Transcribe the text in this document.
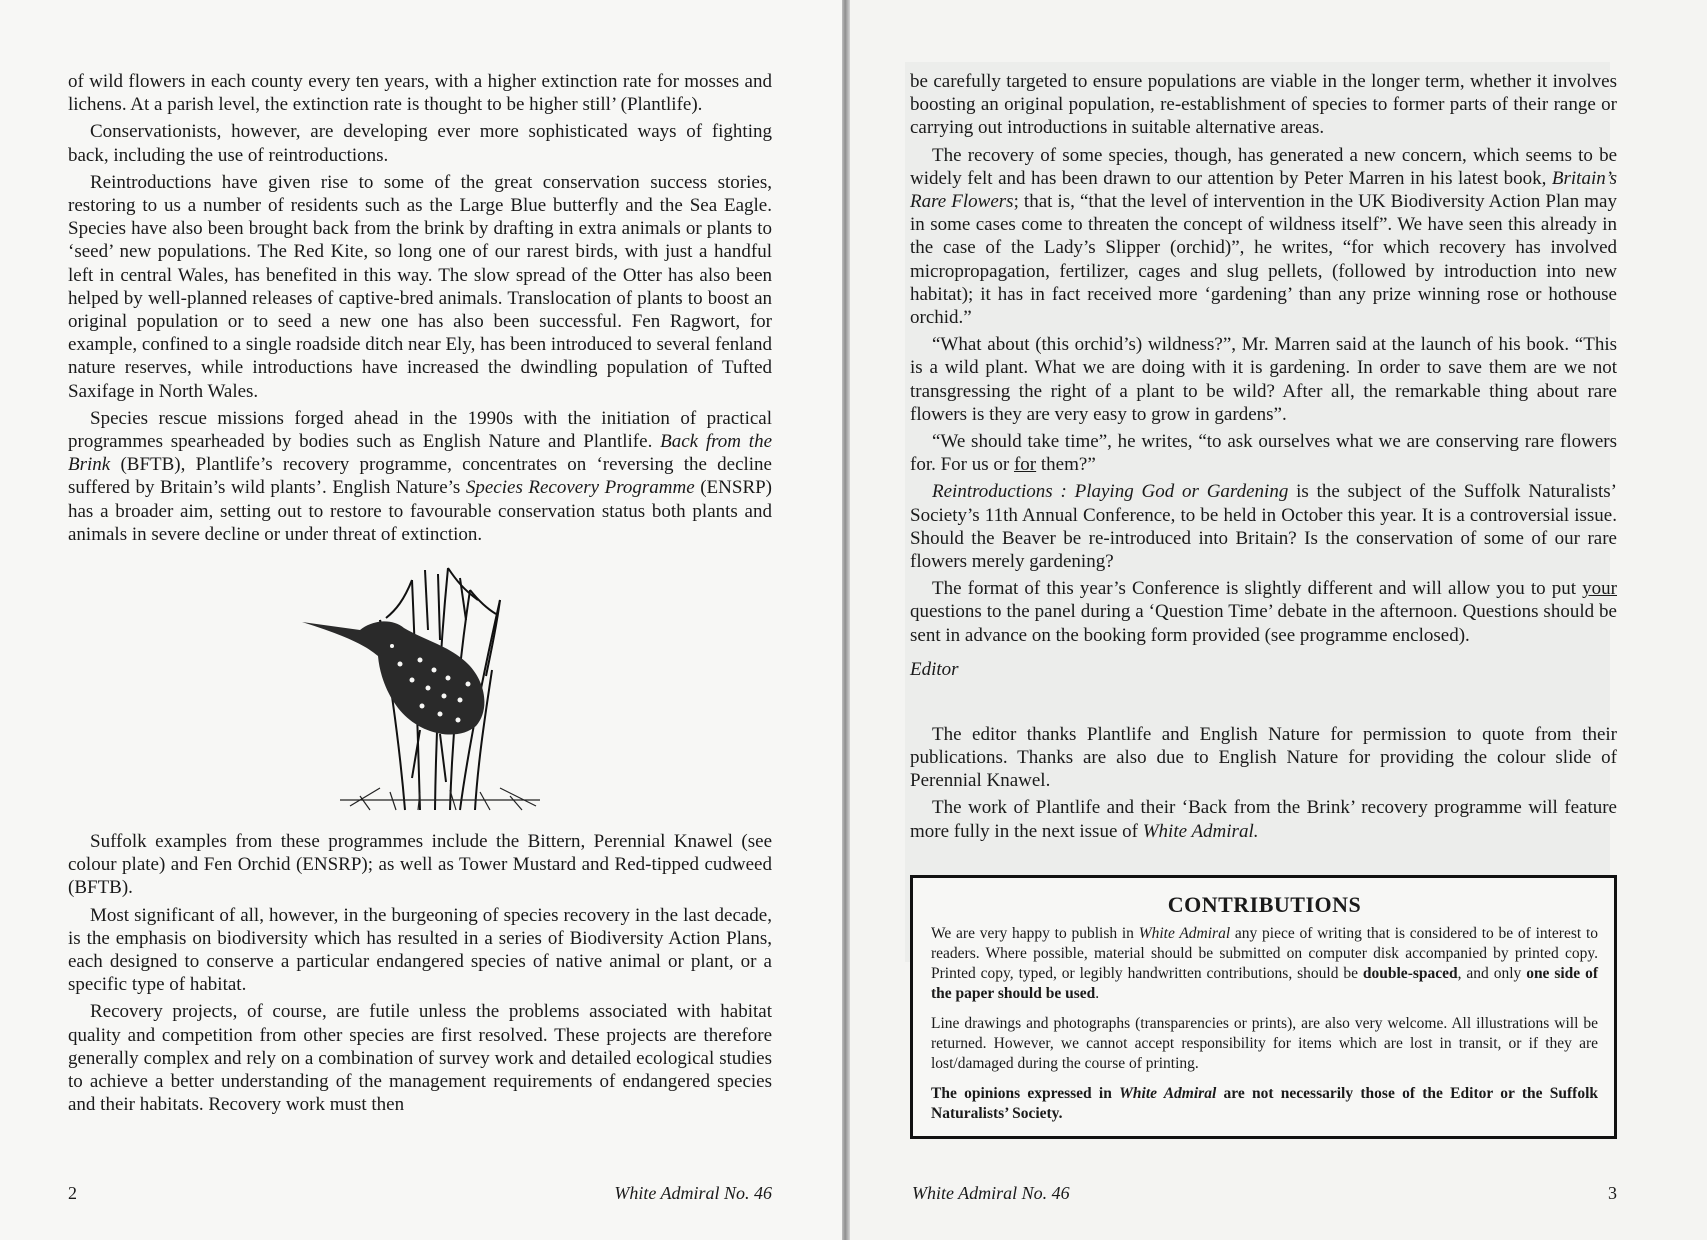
of wild flowers in each county every ten years, with a higher extinction rate for mosses and lichens. At a parish level, the extinction rate is thought to be higher still’ (Plantlife).

Conservationists, however, are developing ever more sophisticated ways of fighting back, including the use of reintroductions.

Reintroductions have given rise to some of the great conservation success stories, restoring to us a number of residents such as the Large Blue butterfly and the Sea Eagle. Species have also been brought back from the brink by drafting in extra animals or plants to ‘seed’ new populations. The Red Kite, so long one of our rarest birds, with just a handful left in central Wales, has benefited in this way. The slow spread of the Otter has also been helped by well-planned releases of captive-bred animals. Translocation of plants to boost an original population or to seed a new one has also been successful. Fen Ragwort, for example, confined to a single roadside ditch near Ely, has been introduced to several fenland nature reserves, while introductions have increased the dwindling population of Tufted Saxifage in North Wales.

Species rescue missions forged ahead in the 1990s with the initiation of practical programmes spearheaded by bodies such as English Nature and Plantlife. Back from the Brink (BFTB), Plantlife’s recovery programme, concentrates on ‘reversing the decline suffered by Britain’s wild plants’. English Nature’s Species Recovery Programme (ENSRP) has a broader aim, setting out to restore to favourable conservation status both plants and animals in severe decline or under threat of extinction.

Suffolk examples from these programmes include the Bittern, Perennial Knawel (see colour plate) and Fen Orchid (ENSRP); as well as Tower Mustard and Red-tipped cudweed (BFTB).

Most significant of all, however, in the burgeoning of species recovery in the last decade, is the emphasis on biodiversity which has resulted in a series of Biodiversity Action Plans, each designed to conserve a particular endangered species of native animal or plant, or a specific type of habitat.

Recovery projects, of course, are futile unless the problems associated with habitat quality and competition from other species are first resolved. These projects are therefore generally complex and rely on a combination of survey work and detailed ecological studies to achieve a better understanding of the management requirements of endangered species and their habitats. Recovery work must then

2	White Admiral No. 46

be carefully targeted to ensure populations are viable in the longer term, whether it involves boosting an original population, re-establishment of species to former parts of their range or carrying out introductions in suitable alternative areas.

The recovery of some species, though, has generated a new concern, which seems to be widely felt and has been drawn to our attention by Peter Marren in his latest book, Britain’s Rare Flowers; that is, “that the level of intervention in the UK Biodiversity Action Plan may in some cases come to threaten the concept of wildness itself”. We have seen this already in the case of the Lady’s Slipper (orchid)”, he writes, “for which recovery has involved micropropagation, fertilizer, cages and slug pellets, (followed by introduction into new habitat); it has in fact received more ‘gardening’ than any prize winning rose or hothouse orchid.”

“What about (this orchid’s) wildness?”, Mr. Marren said at the launch of his book. “This is a wild plant. What we are doing with it is gardening. In order to save them are we not transgressing the right of a plant to be wild? After all, the remarkable thing about rare flowers is they are very easy to grow in gardens”.

“We should take time”, he writes, “to ask ourselves what we are conserving rare flowers for. For us or for them?”

Reintroductions : Playing God or Gardening is the subject of the Suffolk Naturalists’ Society’s 11th Annual Conference, to be held in October this year. It is a controversial issue. Should the Beaver be re-introduced into Britain? Is the conservation of some of our rare flowers merely gardening?

The format of this year’s Conference is slightly different and will allow you to put your questions to the panel during a ‘Question Time’ debate in the afternoon. Questions should be sent in advance on the booking form provided (see programme enclosed).

Editor

The editor thanks Plantlife and English Nature for permission to quote from their publications. Thanks are also due to English Nature for providing the colour slide of Perennial Knawel.

The work of Plantlife and their ‘Back from the Brink’ recovery programme will feature more fully in the next issue of White Admiral.

CONTRIBUTIONS

We are very happy to publish in White Admiral any piece of writing that is considered to be of interest to readers. Where possible, material should be submitted on computer disk accompanied by printed copy. Printed copy, typed, or legibly handwritten contributions, should be double-spaced, and only one side of the paper should be used.

Line drawings and photographs (transparencies or prints), are also very welcome. All illustrations will be returned. However, we cannot accept responsibility for items which are lost in transit, or if they are lost/damaged during the course of printing.

The opinions expressed in White Admiral are not necessarily those of the Editor or the Suffolk Naturalists’ Society.

White Admiral No. 46	3
